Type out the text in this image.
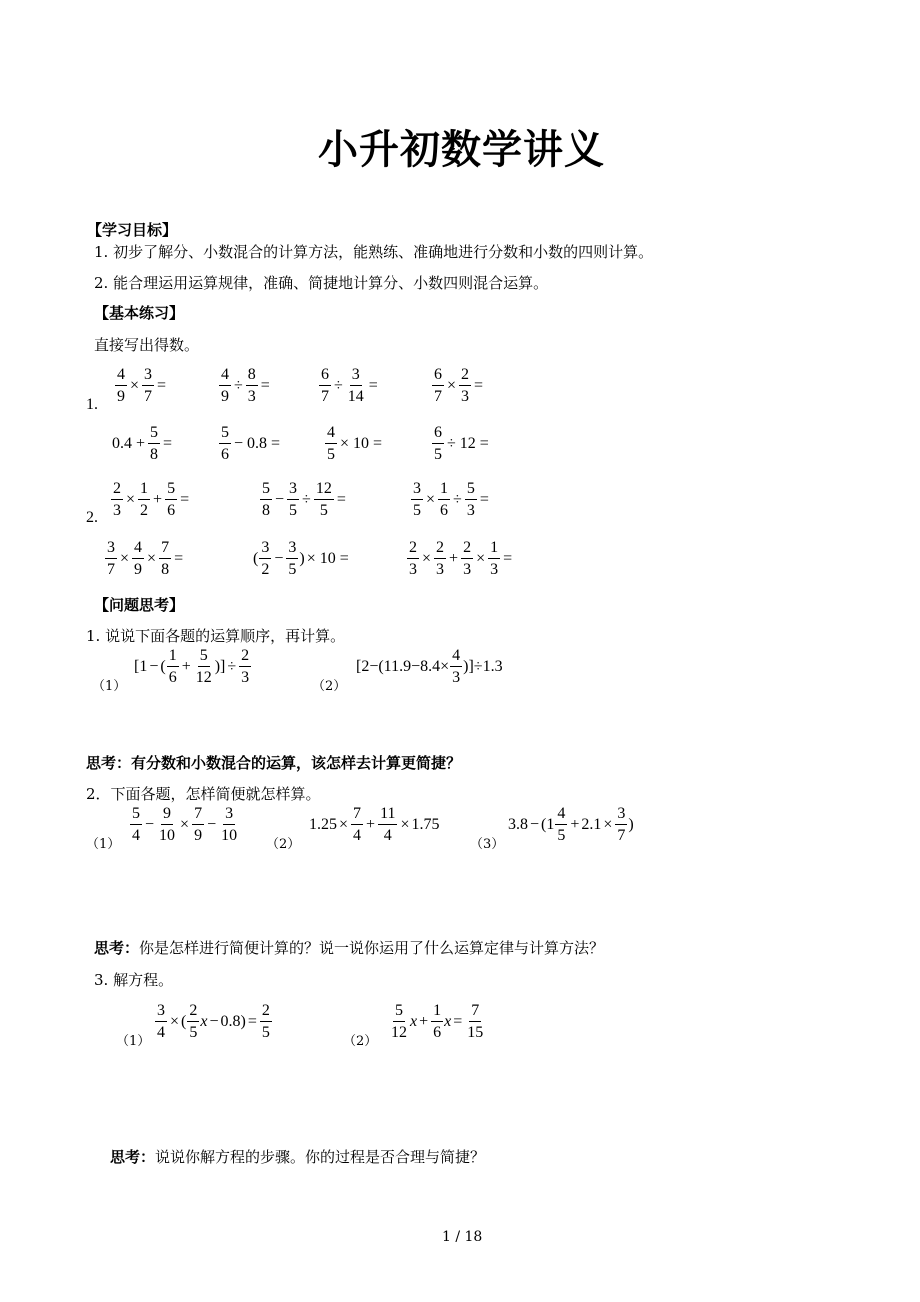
小升初数学讲义
【学习目标】
1. 初步了解分、小数混合的计算方法，能熟练、准确地进行分数和小数的四则计算。
2. 能合理运用运算规律，准确、简捷地计算分、小数四则混合运算。
【基本练习】
直接写出得数。
1. $\frac{4}{9} \times \frac{3}{7}$ =	$\frac{4}{9} \div \frac{8}{3}$ =	$\frac{6}{7} \div \frac{3}{14}$ =	$\frac{6}{7} \times \frac{2}{3}$ =
$0.4 + \frac{5}{8}$ =	$\frac{5}{6} - 0.8$ =	$\frac{4}{5} \times 10$ =	$\frac{6}{5} \div 12$ =
2. $\frac{2}{3} \times \frac{1}{2} + \frac{5}{6}$ =	$\frac{5}{8} - \frac{3}{5} \div \frac{12}{5}$ =	$\frac{3}{5} \times \frac{1}{6} \div \frac{5}{3}$ =
$\frac{3}{7} \times \frac{4}{9} \times \frac{7}{8}$ =	( $\frac{3}{2} - \frac{3}{5}$ ) × 10 =	$\frac{2}{3} \times \frac{2}{3} + \frac{2}{3} \times \frac{1}{3}$ =
【问题思考】
1. 说说下面各题的运算顺序，再计算。
（1）
[1 − ( $\frac{1}{6} + \frac{5}{12}$ )] ÷ $\frac{2}{3}$
（2）
$[2-(11.9-8.4\times \frac{4}{3} )]\div 1.3$
思考：有分数和小数混合的运算，该怎样去计算更简捷？
2．下面各题，怎样简便就怎样算。
（1）
$\frac{5}{4} - \frac{9}{10} \times \frac{7}{9} - \frac{3}{10}$
（2）
$1.25 \times \frac{7}{4} + \frac{11}{4} \times 1.75$
（3）
$3.8 - (1 \frac{4}{5} + 2.1 \times \frac{3}{7}$ )
思考：你是怎样进行简便计算的？说一说你运用了什么运算定律与计算方法？
3. 解方程。
（1）
$\frac{3}{4}$ × ( $\frac{2}{5}$ $x - 0.8) = \frac{2}{5}$
（2）
$\frac{5}{12}$ $x + \frac{1}{6}$ $x = \frac{7}{15}$
思考：说说你解方程的步骤。你的过程是否合理与简捷？
1 / 18
